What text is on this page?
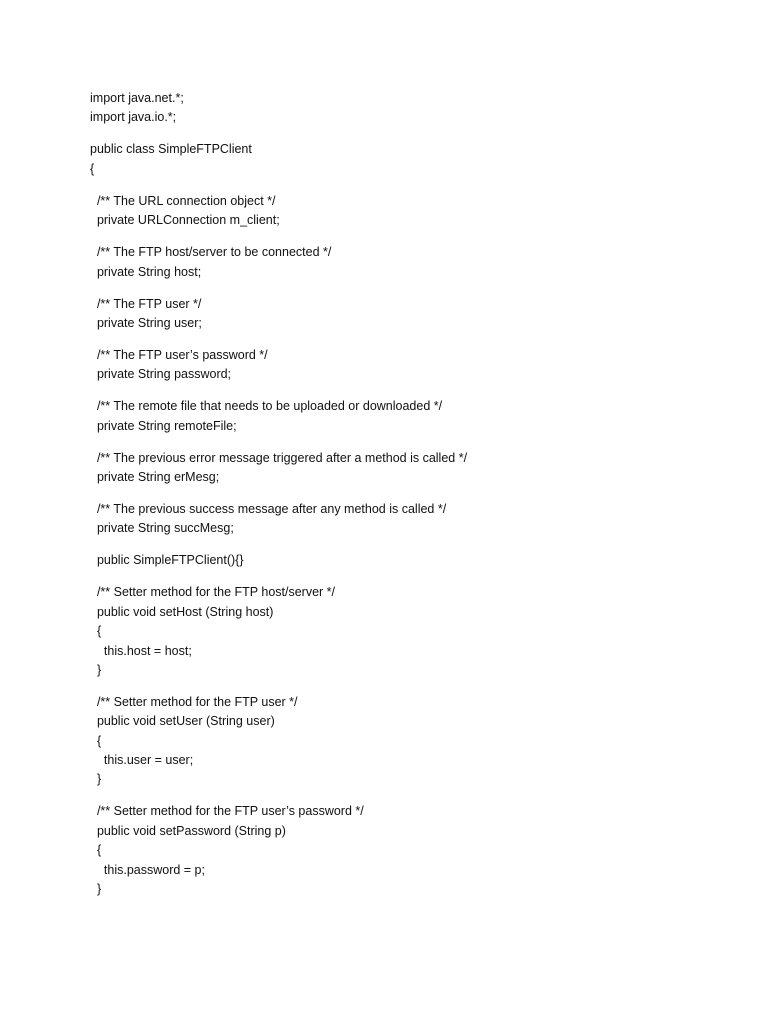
import java.net.*;
import java.io.*;
public class SimpleFTPClient
{
/** The URL connection object */
private URLConnection m_client;
/** The FTP host/server to be connected */
private String host;
/** The FTP user */
private String user;
/** The FTP user’s password */
private String password;
/** The remote file that needs to be uploaded or downloaded */
private String remoteFile;
/** The previous error message triggered after a method is called */
private String erMesg;
/** The previous success message after any method is called */
private String succMesg;
public SimpleFTPClient(){}
/** Setter method for the FTP host/server */
public void setHost (String host)
{
this.host = host;
}
/** Setter method for the FTP user */
public void setUser (String user)
{
this.user = user;
}
/** Setter method for the FTP user’s password */
public void setPassword (String p)
{
this.password = p;
}
